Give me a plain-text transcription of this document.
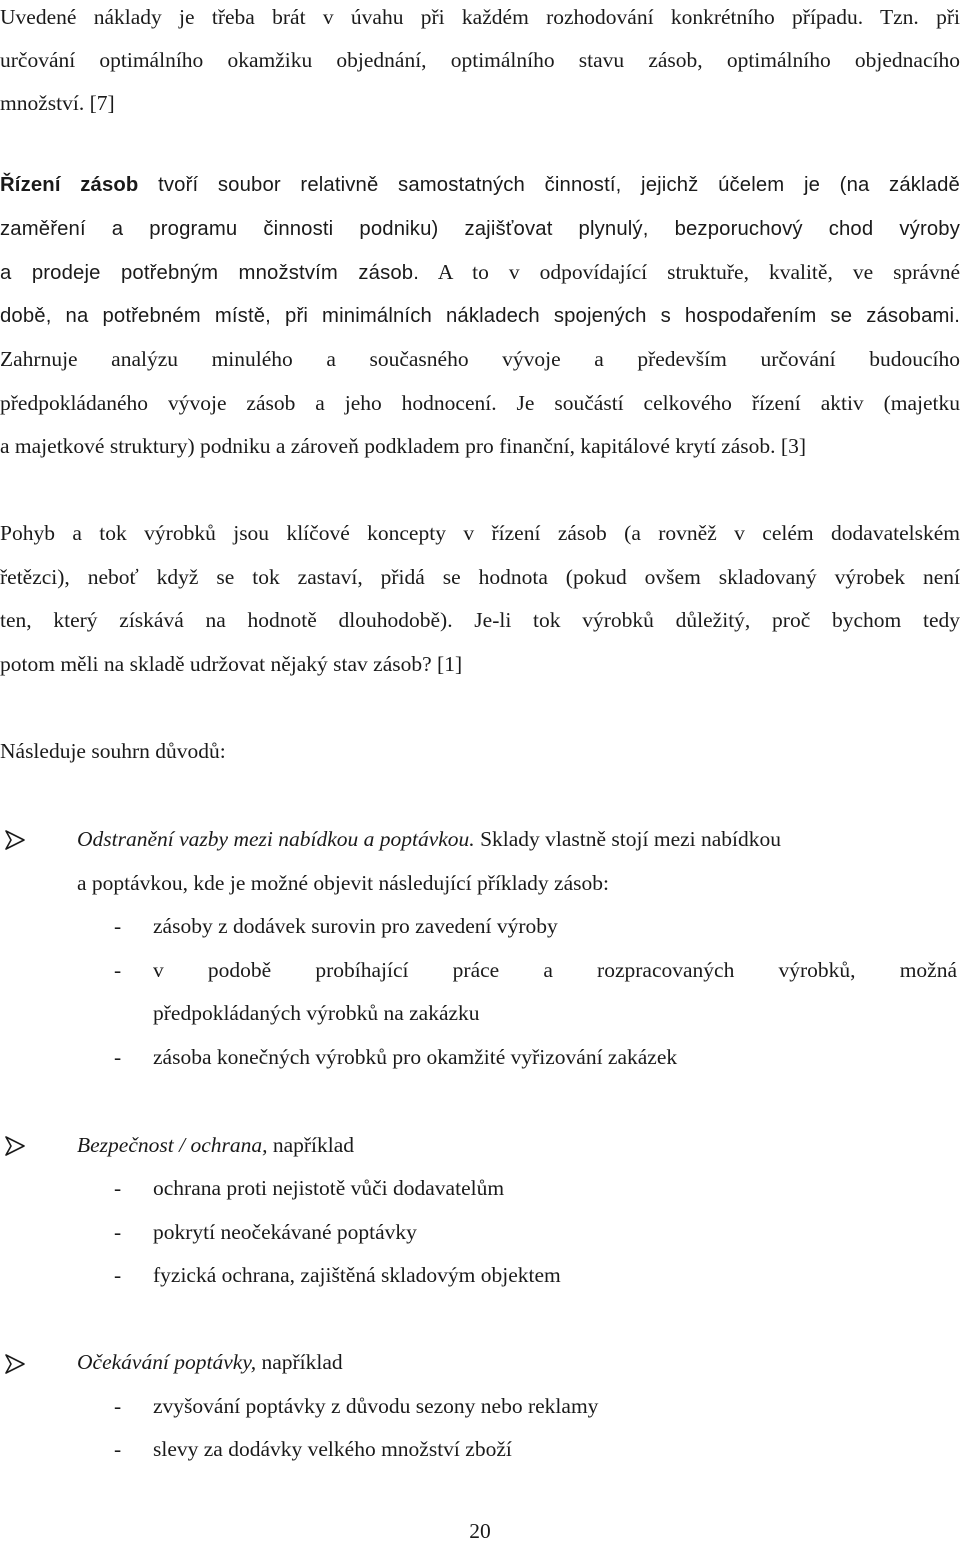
Uvedené náklady je třeba brát v úvahu při každém rozhodování konkrétního případu. Tzn. při
určování optimálního okamžiku objednání, optimálního stavu zásob, optimálního objednacího
množství. [7]
Řízení zásob tvoří soubor relativně samostatných činností, jejichž účelem je (na základě
zaměření a programu činnosti podniku) zajišťovat plynulý, bezporuchový chod výroby
a prodeje potřebným množstvím zásob. A to v odpovídající struktuře, kvalitě, ve správné
době, na potřebném místě, při minimálních nákladech spojených s hospodařením se zásobami.
Zahrnuje analýzu minulého a současného vývoje a především určování budoucího
předpokládaného vývoje zásob a jeho hodnocení. Je součástí celkového řízení aktiv (majetku
a majetkové struktury) podniku a zároveň podkladem pro finanční, kapitálové krytí zásob. [3]
Pohyb a tok výrobků jsou klíčové koncepty v řízení zásob (a rovněž v celém dodavatelském
řetězci), neboť když se tok zastaví, přidá se hodnota (pokud ovšem skladovaný výrobek není
ten, který získává na hodnotě dlouhodobě). Je-li tok výrobků důležitý, proč bychom tedy
potom měli na skladě udržovat nějaký stav zásob? [1]
Následuje souhrn důvodů:
Odstranění vazby mezi nabídkou a poptávkou. Sklady vlastně stojí mezi nabídkou
a poptávkou, kde je možné objevit následující příklady zásob:
- zásoby z dodávek surovin pro zavedení výroby
- v podobě probíhající práce a rozpracovaných výrobků, možná
předpokládaných výrobků na zakázku
- zásoba konečných výrobků pro okamžité vyřizování zakázek
Bezpečnost / ochrana, například
- ochrana proti nejistotě vůči dodavatelům
- pokrytí neočekávané poptávky
- fyzická ochrana, zajištěná skladovým objektem
Očekávání poptávky, například
- zvyšování poptávky z důvodu sezony nebo reklamy
- slevy za dodávky velkého množství zboží
20
